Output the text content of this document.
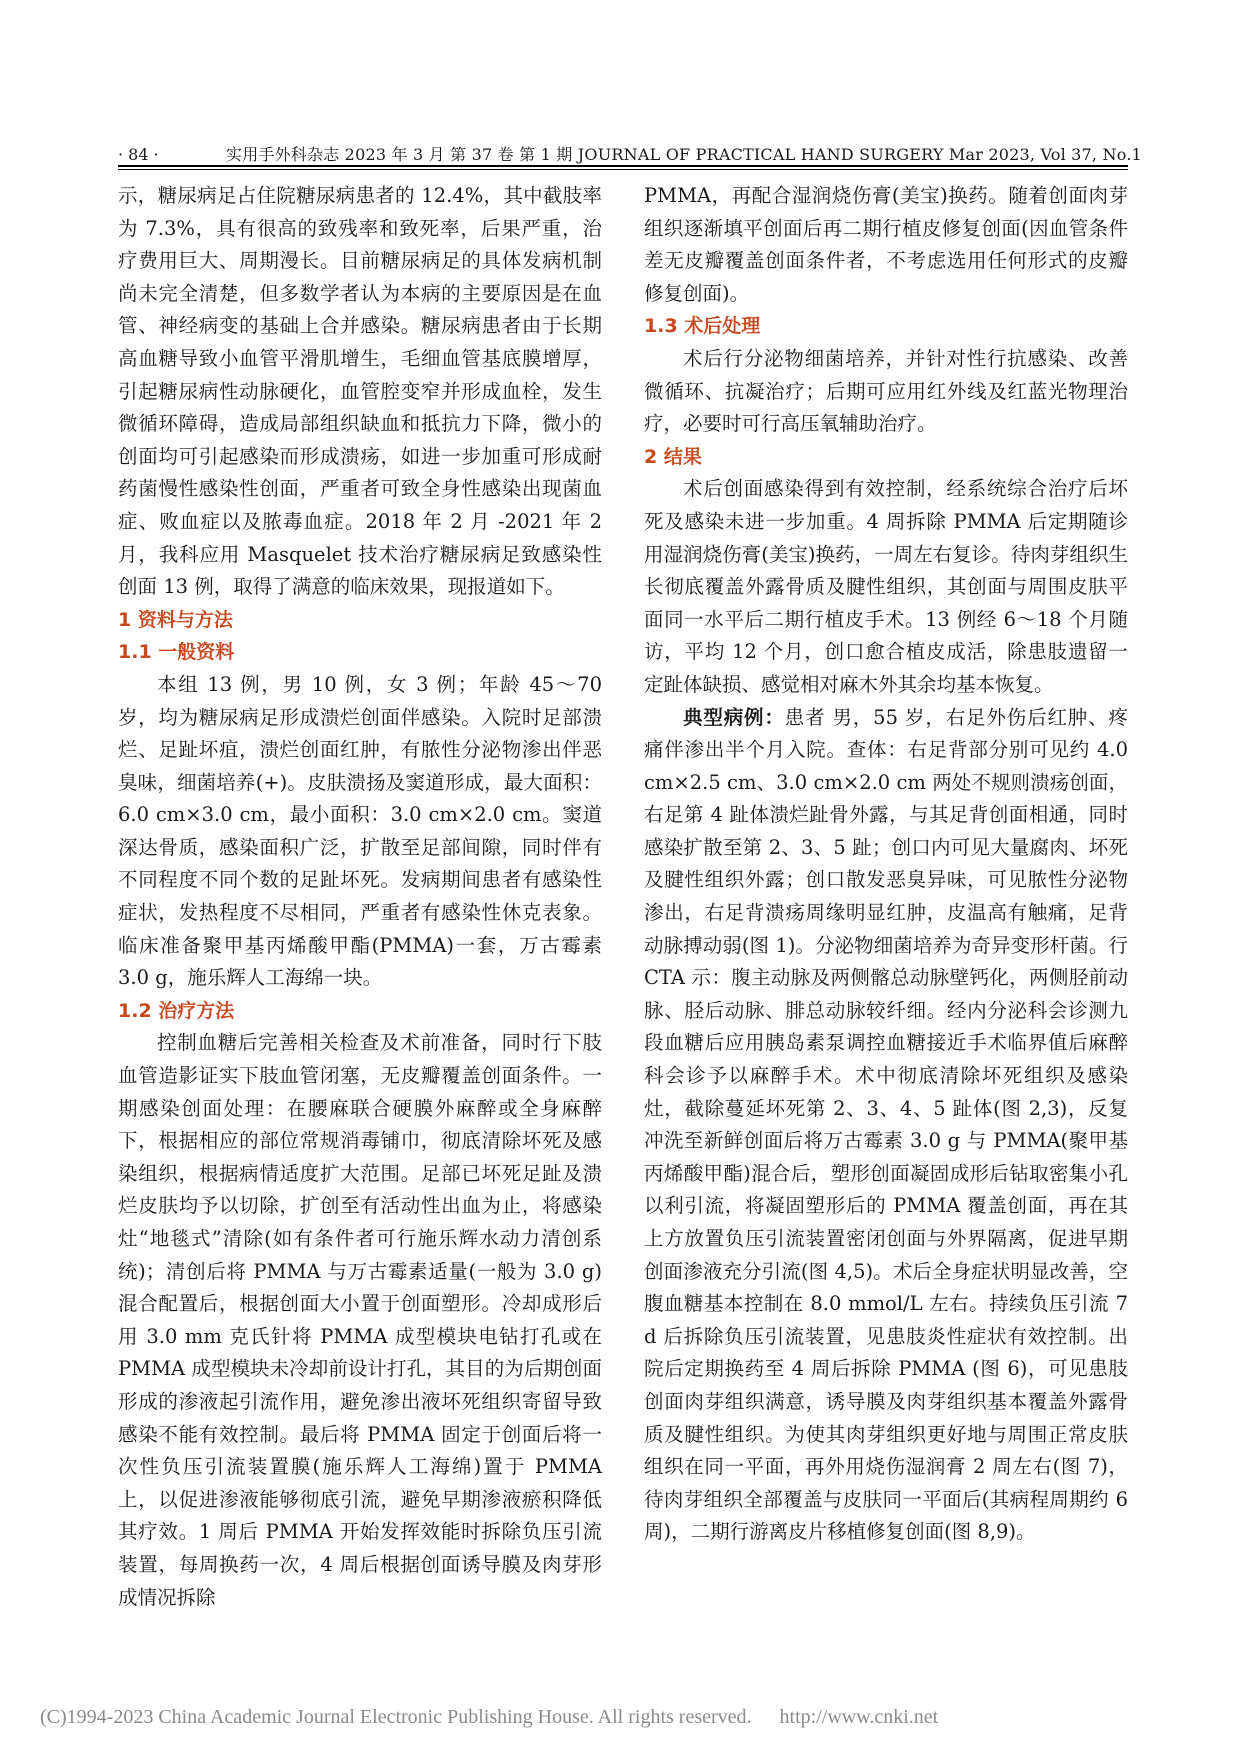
· 84 ·	实用手外科杂志 2023 年 3 月 第 37 卷 第 1 期 JOURNAL OF PRACTICAL HAND SURGERY Mar 2023, Vol 37, No.1

示，糖尿病足占住院糖尿病患者的 12.4%，其中截肢率为 7.3%，具有很高的致残率和致死率，后果严重，治疗费用巨大、周期漫长。目前糖尿病足的具体发病机制尚未完全清楚，但多数学者认为本病的主要原因是在血管、神经病变的基础上合并感染。糖尿病患者由于长期高血糖导致小血管平滑肌增生，毛细血管基底膜增厚，引起糖尿病性动脉硬化，血管腔变窄并形成血栓，发生微循环障碍，造成局部组织缺血和抵抗力下降，微小的创面均可引起感染而形成溃疡，如进一步加重可形成耐药菌慢性感染性创面，严重者可致全身性感染出现菌血症、败血症以及脓毒血症。2018 年 2 月 -2021 年 2 月，我科应用 Masquelet 技术治疗糖尿病足致感染性创面 13 例，取得了满意的临床效果，现报道如下。

1 资料与方法
1.1 一般资料

本组 13 例，男 10 例，女 3 例；年龄 45～70 岁，均为糖尿病足形成溃烂创面伴感染。入院时足部溃烂、足趾坏疽，溃烂创面红肿，有脓性分泌物渗出伴恶臭味，细菌培养(+)。皮肤溃扬及窦道形成，最大面积：6.0 cm×3.0 cm，最小面积：3.0 cm×2.0 cm。窦道深达骨质，感染面积广泛，扩散至足部间隙，同时伴有不同程度不同个数的足趾坏死。发病期间患者有感染性症状，发热程度不尽相同，严重者有感染性休克表象。临床准备聚甲基丙烯酸甲酯(PMMA)一套，万古霉素 3.0 g，施乐辉人工海绵一块。

1.2 治疗方法

控制血糖后完善相关检查及术前准备，同时行下肢血管造影证实下肢血管闭塞，无皮瓣覆盖创面条件。一期感染创面处理：在腰麻联合硬膜外麻醉或全身麻醉下，根据相应的部位常规消毒铺巾，彻底清除坏死及感染组织，根据病情适度扩大范围。足部已坏死足趾及溃烂皮肤均予以切除，扩创至有活动性出血为止，将感染灶“地毯式”清除(如有条件者可行施乐辉水动力清创系统)；清创后将 PMMA 与万古霉素适量(一般为 3.0 g)混合配置后，根据创面大小置于创面塑形。冷却成形后用 3.0 mm 克氏针将 PMMA 成型模块电钻打孔或在 PMMA 成型模块未冷却前设计打孔，其目的为后期创面形成的渗液起引流作用，避免渗出液坏死组织寄留导致感染不能有效控制。最后将 PMMA 固定于创面后将一次性负压引流装置膜(施乐辉人工海绵)置于 PMMA 上，以促进渗液能够彻底引流，避免早期渗液瘀积降低其疗效。1 周后 PMMA 开始发挥效能时拆除负压引流装置，每周换药一次，4 周后根据创面诱导膜及肉芽形成情况拆除

PMMA，再配合湿润烧伤膏(美宝)换药。随着创面肉芽组织逐渐填平创面后再二期行植皮修复创面(因血管条件差无皮瓣覆盖创面条件者，不考虑选用任何形式的皮瓣修复创面)。

1.3 术后处理

术后行分泌物细菌培养，并针对性行抗感染、改善微循环、抗凝治疗；后期可应用红外线及红蓝光物理治疗，必要时可行高压氧辅助治疗。

2 结果

术后创面感染得到有效控制，经系统综合治疗后坏死及感染未进一步加重。4 周拆除 PMMA 后定期随诊用湿润烧伤膏(美宝)换药，一周左右复诊。待肉芽组织生长彻底覆盖外露骨质及腱性组织，其创面与周围皮肤平面同一水平后二期行植皮手术。13 例经 6～18 个月随访，平均 12 个月，创口愈合植皮成活，除患肢遗留一定趾体缺损、感觉相对麻木外其余均基本恢复。

典型病例：患者 男，55 岁，右足外伤后红肿、疼痛伴渗出半个月入院。查体：右足背部分别可见约 4.0 cm×2.5 cm、3.0 cm×2.0 cm 两处不规则溃疡创面，右足第 4 趾体溃烂趾骨外露，与其足背创面相通，同时感染扩散至第 2、3、5 趾；创口内可见大量腐肉、坏死及腱性组织外露；创口散发恶臭异味，可见脓性分泌物渗出，右足背溃疡周缘明显红肿，皮温高有触痛，足背动脉搏动弱(图 1)。分泌物细菌培养为奇异变形杆菌。行 CTA 示：腹主动脉及两侧髂总动脉壁钙化，两侧胫前动脉、胫后动脉、腓总动脉较纤细。经内分泌科会诊测九段血糖后应用胰岛素泵调控血糖接近手术临界值后麻醉科会诊予以麻醉手术。术中彻底清除坏死组织及感染灶，截除蔓延坏死第 2、3、4、5 趾体(图 2,3)，反复冲洗至新鲜创面后将万古霉素 3.0 g 与 PMMA(聚甲基丙烯酸甲酯)混合后，塑形创面凝固成形后钻取密集小孔以利引流，将凝固塑形后的 PMMA 覆盖创面，再在其上方放置负压引流装置密闭创面与外界隔离，促进早期创面渗液充分引流(图 4,5)。术后全身症状明显改善，空腹血糖基本控制在 8.0 mmol/L 左右。持续负压引流 7 d 后拆除负压引流装置，见患肢炎性症状有效控制。出院后定期换药至 4 周后拆除 PMMA (图 6)，可见患肢创面肉芽组织满意，诱导膜及肉芽组织基本覆盖外露骨质及腱性组织。为使其肉芽组织更好地与周围正常皮肤组织在同一平面，再外用烧伤湿润膏 2 周左右(图 7)，待肉芽组织全部覆盖与皮肤同一平面后(其病程周期约 6 周)，二期行游离皮片移植修复创面(图 8,9)。

(C)1994-2023 China Academic Journal Electronic Publishing House. All rights reserved. http://www.cnki.net
